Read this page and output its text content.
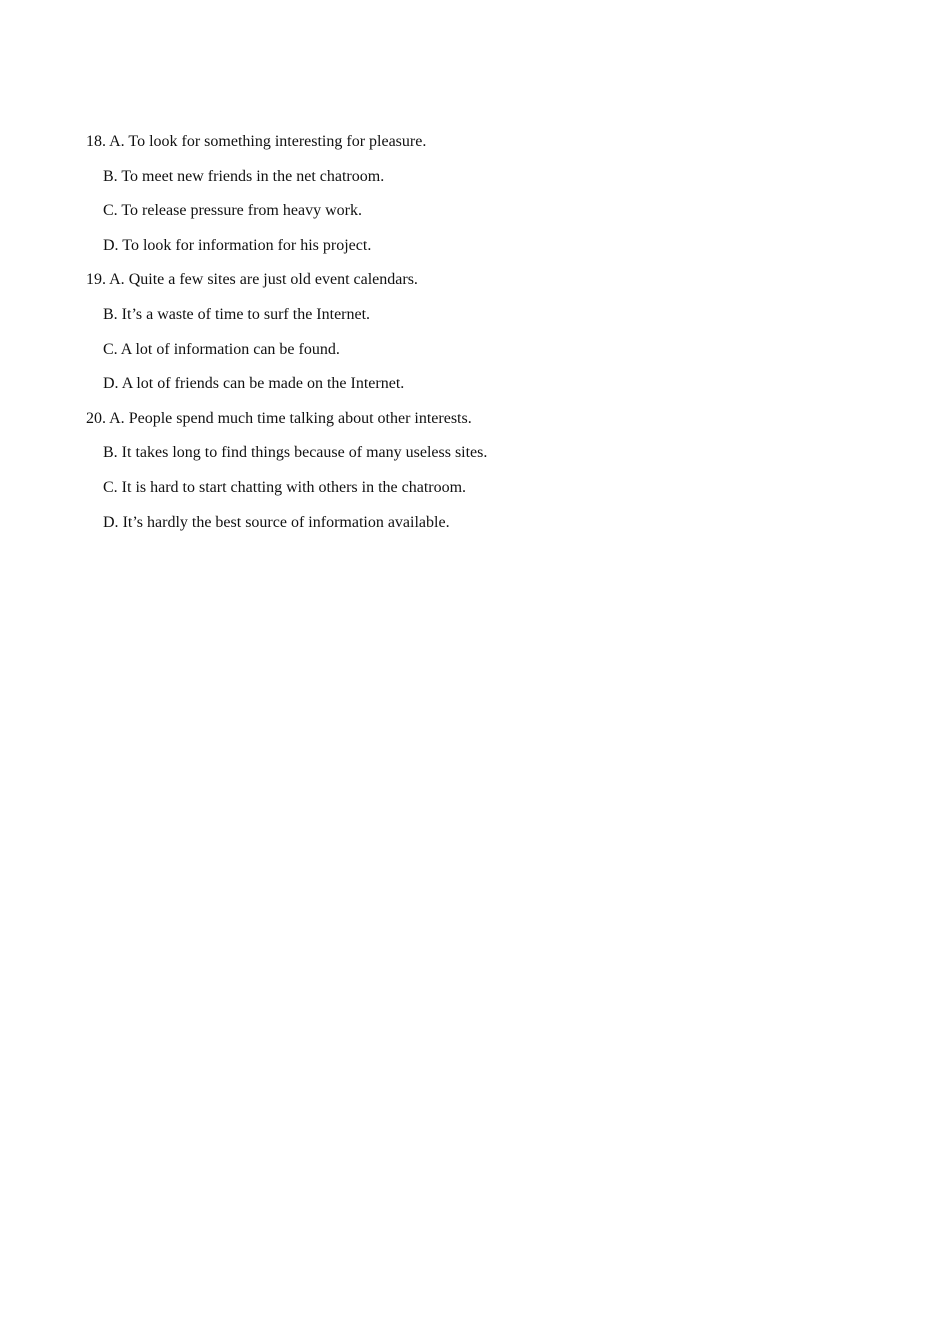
18. A. To look for something interesting for pleasure.
B. To meet new friends in the net chatroom.
C. To release pressure from heavy work.
D. To look for information for his project.
19. A. Quite a few sites are just old event calendars.
B. It’s a waste of time to surf the Internet.
C. A lot of information can be found.
D. A lot of friends can be made on the Internet.
20. A. People spend much time talking about other interests.
B. It takes long to find things because of many useless sites.
C. It is hard to start chatting with others in the chatroom.
D. It’s hardly the best source of information available.
